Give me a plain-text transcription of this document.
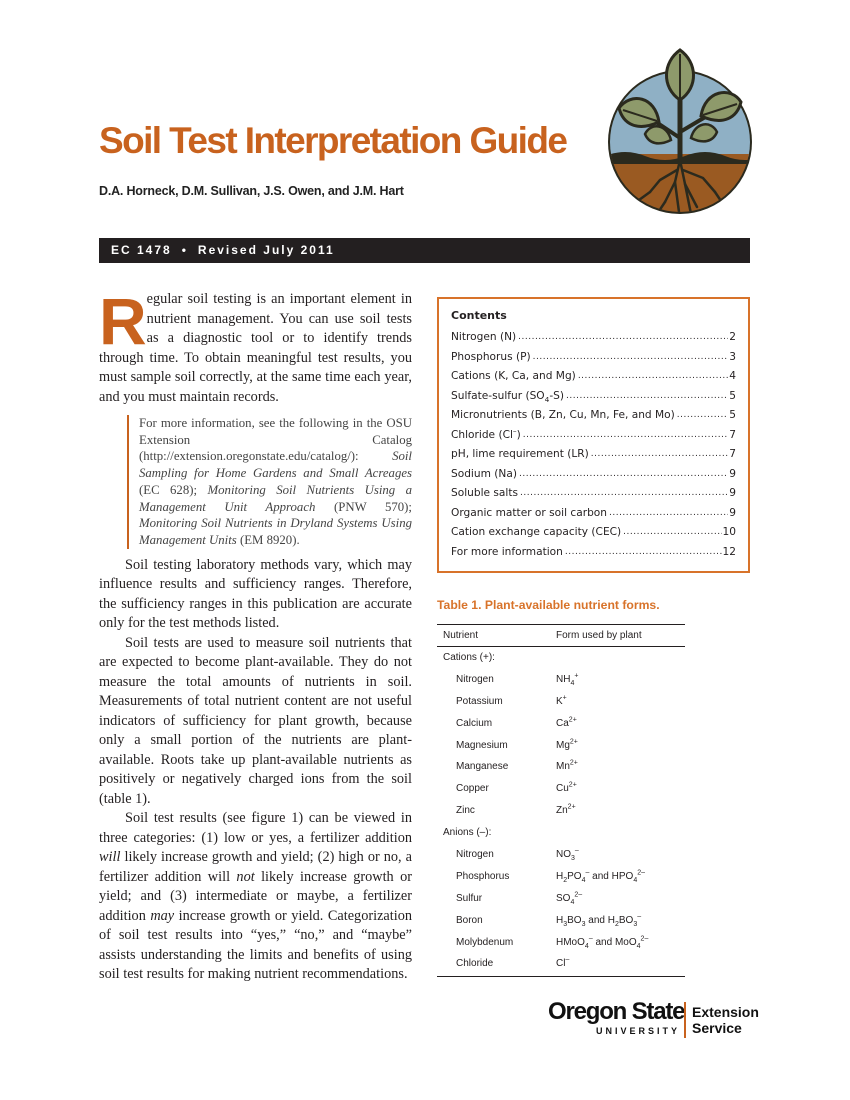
Soil Test Interpretation Guide
D.A. Horneck, D.M. Sullivan, J.S. Owen, and J.M. Hart
EC 1478 • Revised July 2011

Regular soil testing is an important element in nutrient management. You can use soil tests as a diagnostic tool or to identify trends through time. To obtain meaningful test results, you must sample soil correctly, at the same time each year, and you must maintain records.

For more information, see the following in the OSU Extension Catalog (http://extension.oregonstate.edu/catalog/): Soil Sampling for Home Gardens and Small Acreages (EC 628); Monitoring Soil Nutrients Using a Management Unit Approach (PNW 570); Monitoring Soil Nutrients in Dryland Systems Using Management Units (EM 8920).

Soil testing laboratory methods vary, which may influence results and sufficiency ranges. Therefore, the sufficiency ranges in this publication are accurate only for the test methods listed.

Soil tests are used to measure soil nutrients that are expected to become plant-available. They do not measure the total amounts of nutrients in soil. Measurements of total nutrient content are not useful indicators of sufficiency for plant growth, because only a small portion of the nutrients are plant-available. Roots take up plant-available nutrients as positively or negatively charged ions from the soil (table 1).

Soil test results (see figure 1) can be viewed in three categories: (1) low or yes, a fertilizer addition will likely increase growth and yield; (2) high or no, a fertilizer addition will not likely increase growth or yield; and (3) intermediate or maybe, a fertilizer addition may increase growth or yield. Categorization of soil test results into “yes,” “no,” and “maybe” assists understanding the limits and benefits of using soil test results for making nutrient recommendations.

Contents
Nitrogen (N) .....	2
Phosphorus (P) .....	3
Cations (K, Ca, and Mg) .....	4
Sulfate-sulfur $(SO_4-S)$ .....	5
Micronutrients (B, Zn, Cu, Mn, Fe, and Mo) .....	5
Chloride (Cl–) .....	7
pH, lime requirement (LR) .....	7
Sodium (Na) .....	9
Soluble salts .....	9
Organic matter or soil carbon .....	9
Cation exchange capacity (CEC) .....	10
For more information .....	12
Table 1. Plant-available nutrient forms.
Nutrient	Form used by plant
Cations (+):
Nitrogen	$NH_4^+$
Potassium	K+
Calcium	$Ca^{2+}$
Magnesium	$Mg^{2+}$
Manganese	$Mn^{2+}$
Copper	$Cu^{2+}$
Zinc	$Zn^{2+}$
Anions (–):
Nitrogen	$NO_3^-$
Phosphorus	$H_2PO_4^-$ and $HPO_4^{2-}$
Sulfur	$SO_4^{2-}$
Boron	$H_3BO_3$ and $H_2BO_3^-$
Molybdenum	HMoO$_4$– and MoO$_4^{2-}$
Chloride	Cl–
Oregon State
UNIVERSITY
Extension
Service
